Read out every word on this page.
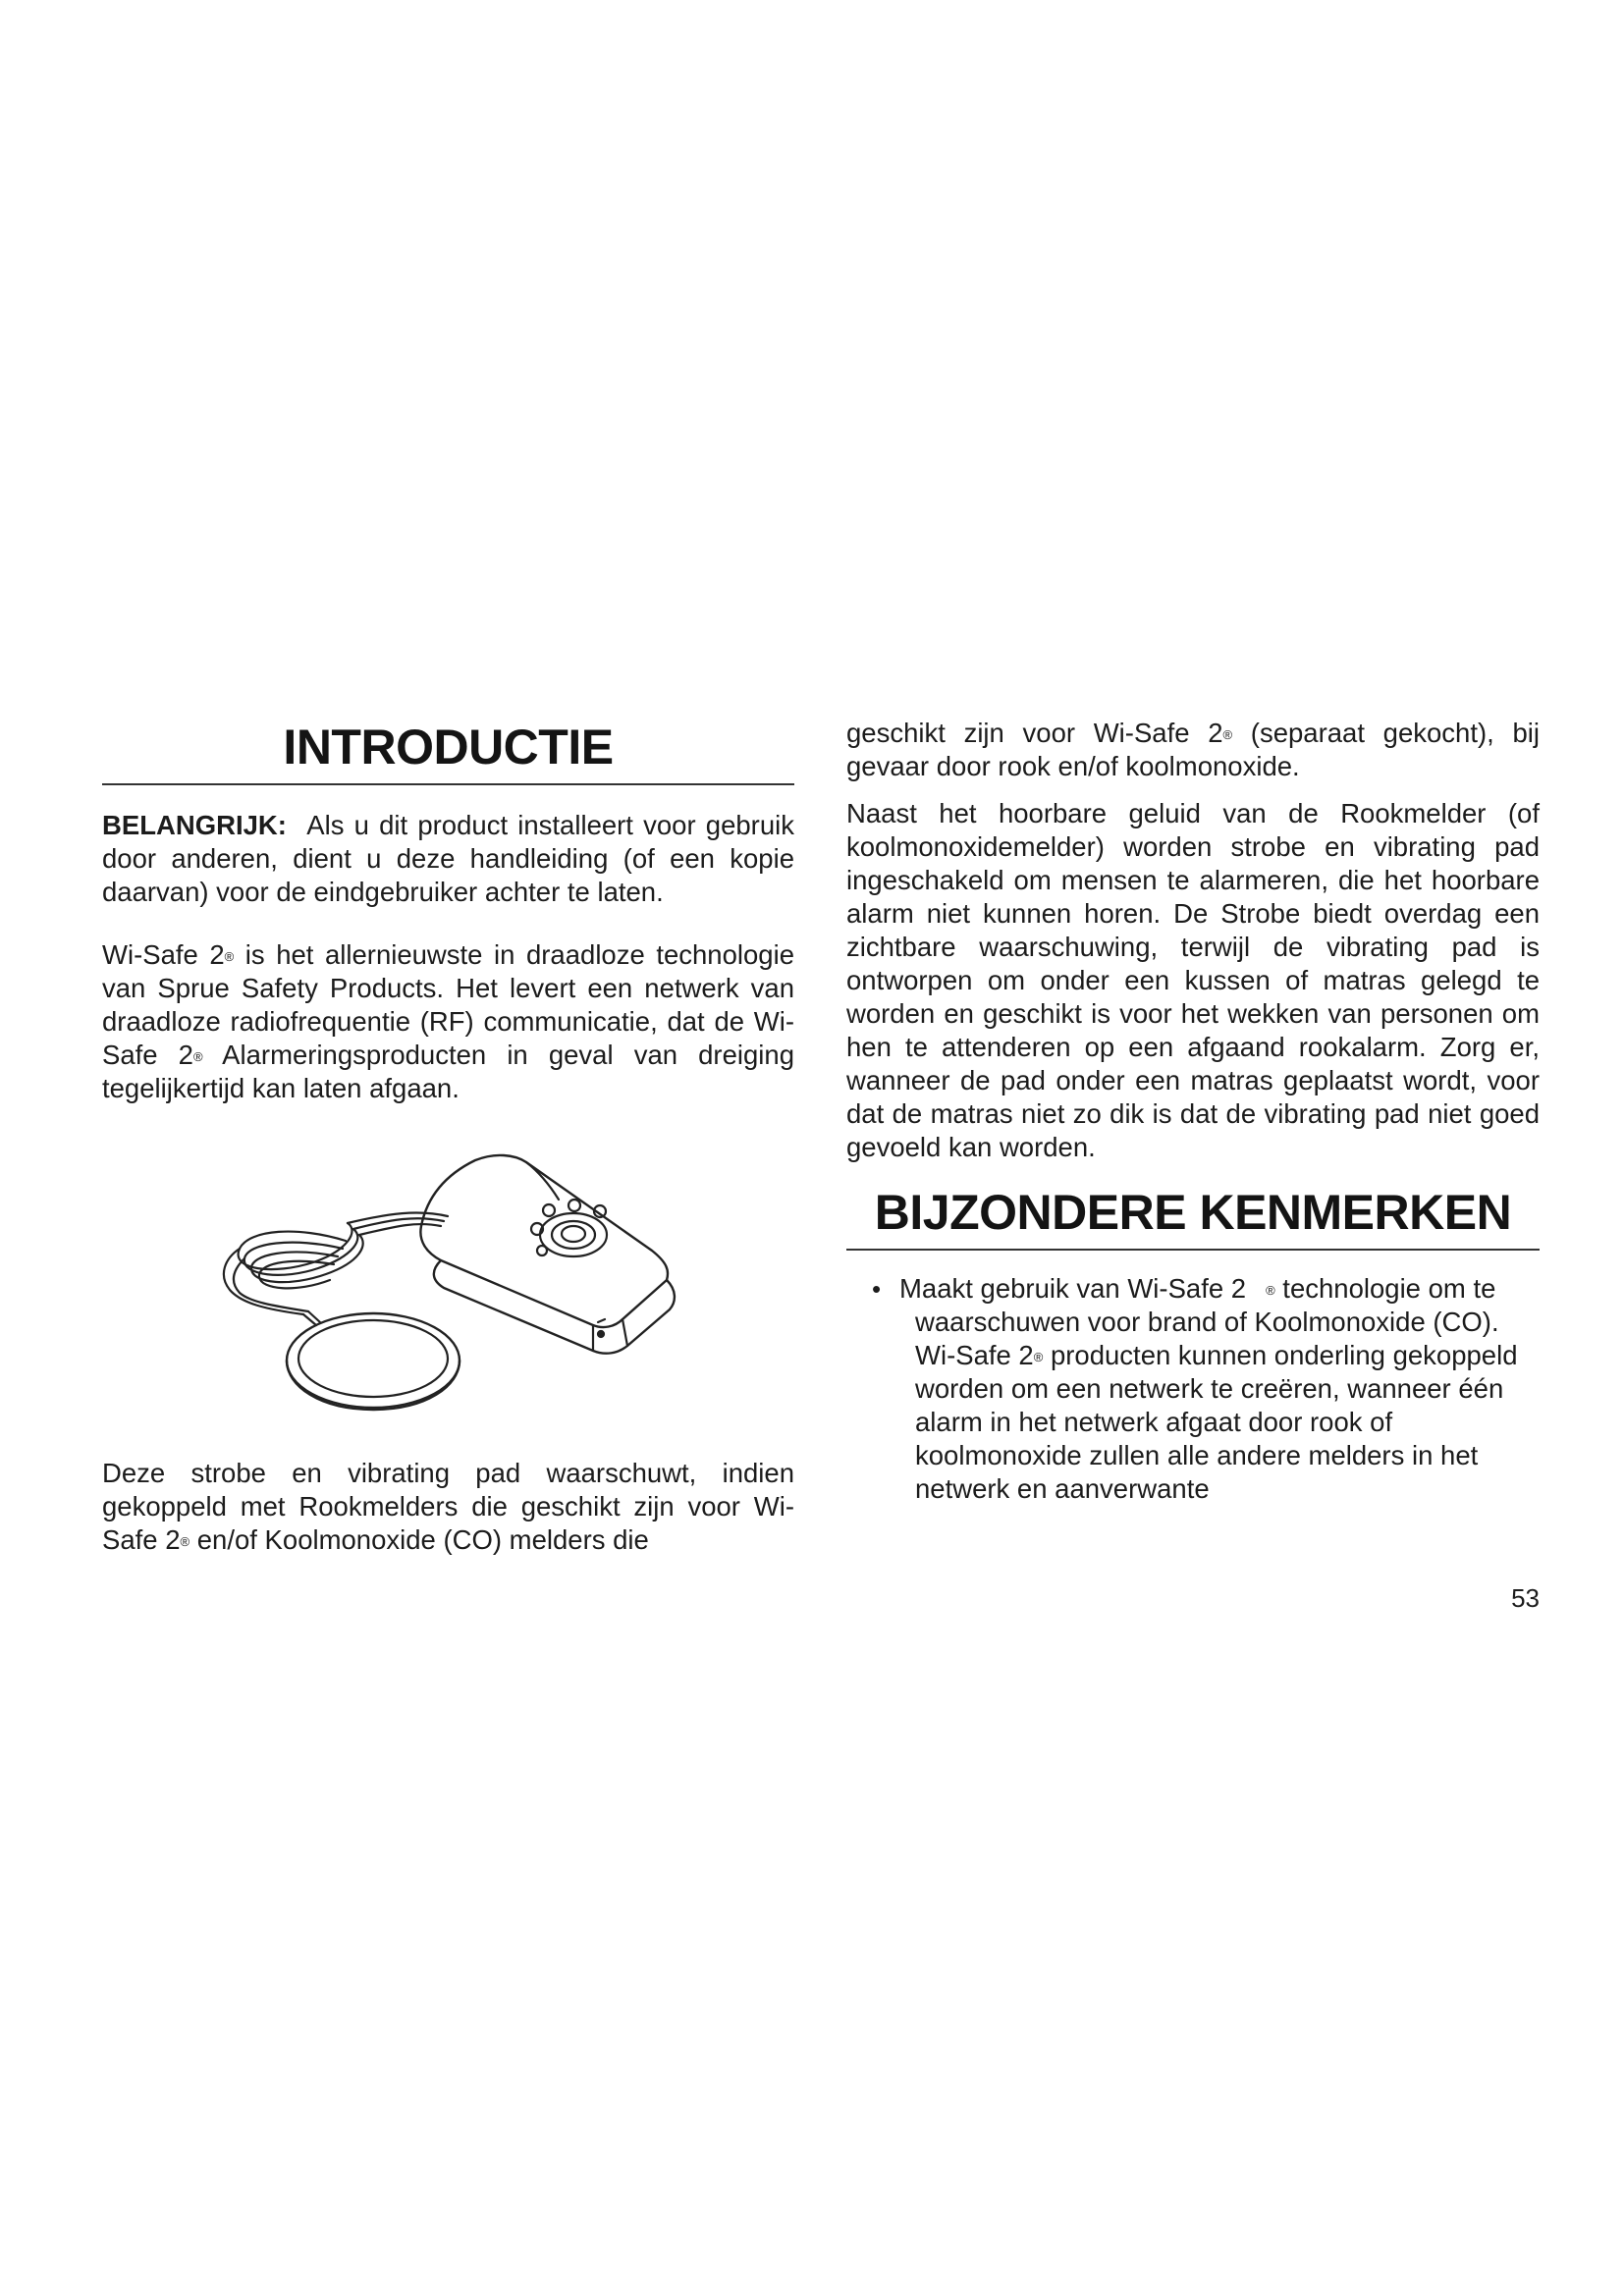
INTRODUCTIE

BELANGRIJK: Als u dit product installeert voor gebruik door anderen, dient u deze handleiding (of een kopie daarvan) voor de eindgebruiker achter te laten.

Wi-Safe 2® is het allernieuwste in draadloze technologie van Sprue Safety Products. Het levert een netwerk van draadloze radiofrequentie (RF) communicatie, dat de Wi-Safe 2® Alarmeringsproducten in geval van dreiging tegelijkertijd kan laten afgaan.

Deze strobe en vibrating pad waarschuwt, indien gekoppeld met Rookmelders die geschikt zijn voor Wi-Safe 2® en/of Koolmonoxide (CO) melders die

geschikt zijn voor Wi-Safe 2® (separaat gekocht), bij gevaar door rook en/of koolmonoxide.

Naast het hoorbare geluid van de Rookmelder (of koolmonoxidemelder) worden strobe en vibrating pad ingeschakeld om mensen te alarmeren, die het hoorbare alarm niet kunnen horen. De Strobe biedt overdag een zichtbare waarschuwing, terwijl de vibrating pad is ontworpen om onder een kussen of matras gelegd te worden en geschikt is voor het wekken van personen om hen te attenderen op een afgaand rookalarm. Zorg er, wanneer de pad onder een matras geplaatst wordt, voor dat de matras niet zo dik is dat de vibrating pad niet goed gevoeld kan worden.

BIJZONDERE KENMERKEN
• Maakt gebruik van Wi-Safe 2 ® technologie om te waarschuwen voor brand of Koolmonoxide (CO). Wi-Safe 2® producten kunnen onderling gekoppeld worden om een netwerk te creëren, wanneer één alarm in het netwerk afgaat door rook of koolmonoxide zullen alle andere melders in het netwerk en aanverwante
53
